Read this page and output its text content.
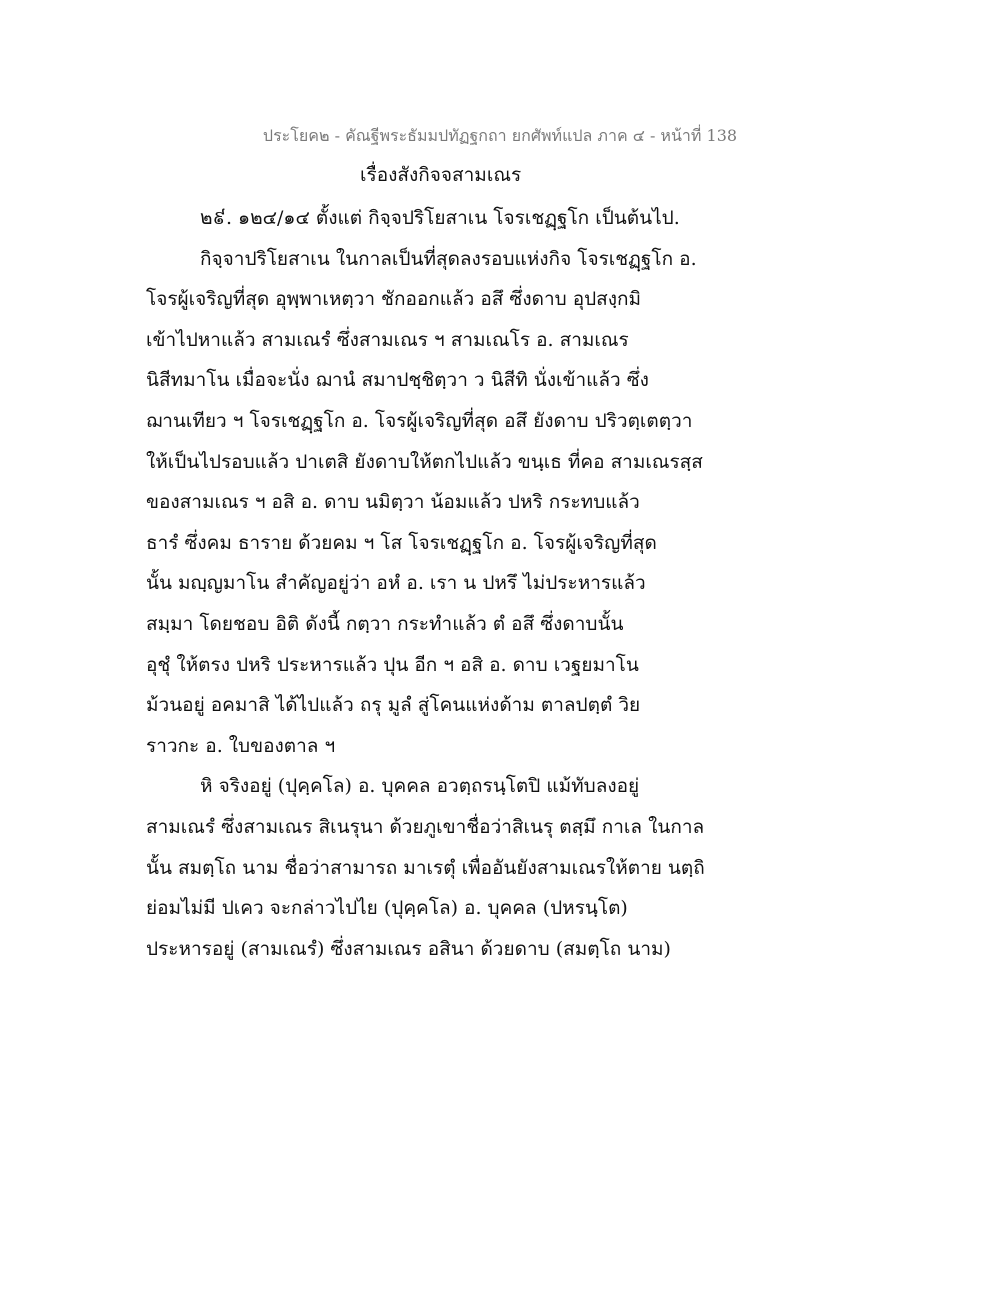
ประโยค๒ - คัณฐีพระธัมมปทัฏฐกถา ยกศัพท์แปล ภาค ๔ - หน้าที่ 138
เรื่องสังกิจจสามเณร
๒៩. ๑๒๔/๑๔ ตั้งแต่ กิจฺจปริโยสาเน โจรเชฏฺฐโก เป็นต้นไป.
กิจฺจาปริโยสาเน ในกาลเป็นที่สุดลงรอบแห่งกิจ โจรเชฏฺฐโก อ.
โจรผู้เจริญที่สุด อุพฺพาเหตฺวา ชักออกแล้ว อสึ ซึ่งดาบ อุปสงฺกมิ
เข้าไปหาแล้ว สามเณรํ ซึ่งสามเณร ฯ สามเณโร อ. สามเณร
นิสีทมาโน เมื่อจะนั่ง ฌานํ สมาปชฺชิตฺวา ว นิสีทิ นั่งเข้าแล้ว ซึ่ง
ฌานเทียว ฯ โจรเชฏฺฐโก อ. โจรผู้เจริญที่สุด อสึ ยังดาบ ปริวตฺเตตฺวา
ให้เป็นไปรอบแล้ว ปาเตสิ ยังดาบให้ตกไปแล้ว ขนฺเธ ที่คอ สามเณรสฺส
ของสามเณร ฯ อสิ อ. ดาบ นมิตฺวา น้อมแล้ว ปหริ กระทบแล้ว
ธารํ ซึ่งคม ธาราย ด้วยคม ฯ โส โจรเชฏฺฐโก อ. โจรผู้เจริญที่สุด
นั้น มญฺญมาโน สำคัญอยู่ว่า อหํ อ. เรา น ปหรึ ไม่ประหารแล้ว
สมฺมา โดยชอบ อิติ ดังนี้ กตฺวา กระทำแล้ว ตํ อสึ ซึ่งดาบนั้น
อุชุํ ให้ตรง ปหริ ประหารแล้ว ปุน อีก ฯ อสิ อ. ดาบ เวฐยมาโน
ม้วนอยู่ อคมาสิ ได้ไปแล้ว ถรุ มูลํ สู่โคนแห่งด้าม ตาลปตฺตํ วิย
ราวกะ อ. ใบของตาล ฯ
หิ จริงอยู่ (ปุคฺคโล) อ. บุคคล อวตฺถรนฺโตปิ แม้ทับลงอยู่
สามเณรํ ซึ่งสามเณร สิเนรุนา ด้วยภูเขาชื่อว่าสิเนรุ ตสฺมึ กาเล ในกาล
นั้น สมตฺโถ นาม ชื่อว่าสามารถ มาเรตุํ เพื่ออันยังสามเณรให้ตาย นตฺถิ
ย่อมไม่มี ปเคว จะกล่าวไปไย (ปุคฺคโล) อ. บุคคล (ปหรนฺโต)
ประหารอยู่ (สามเณรํ) ซึ่งสามเณร อสินา ด้วยดาบ (สมตฺโถ นาม)
